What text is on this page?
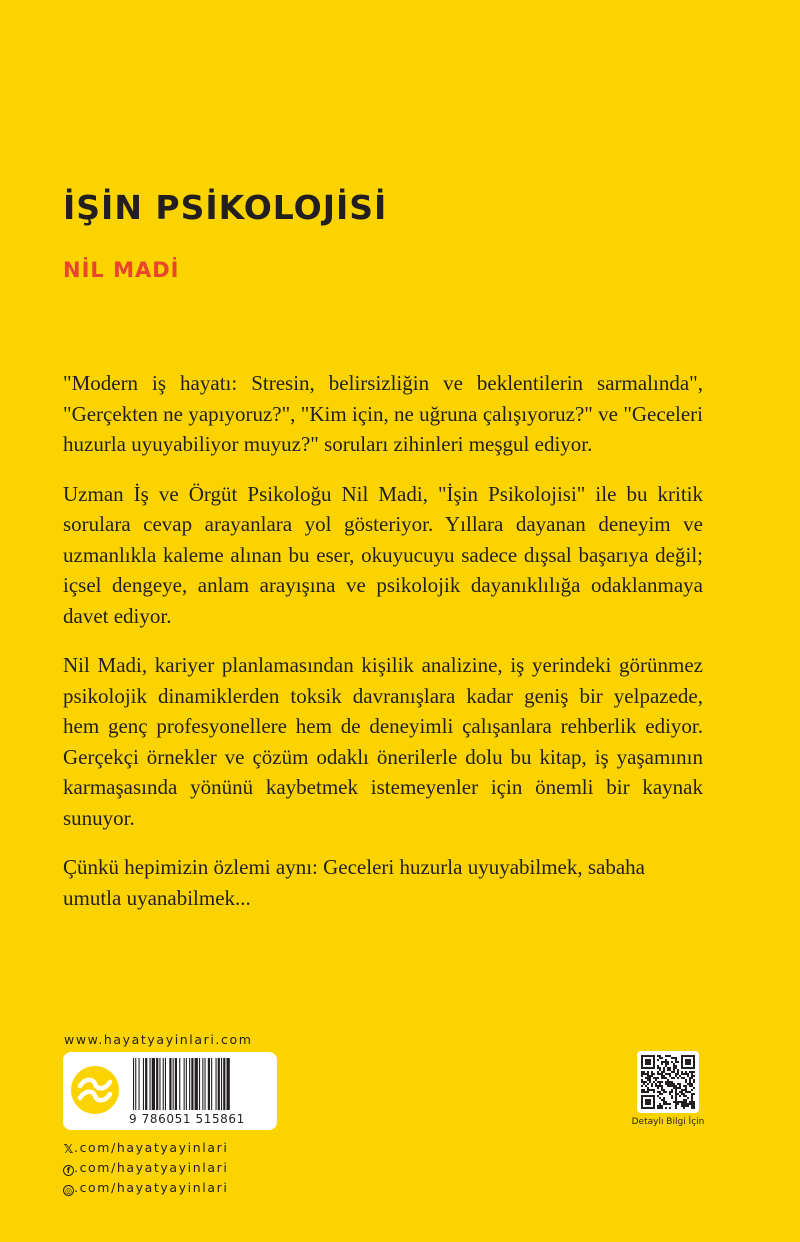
İŞİN PSİKOLOJİSİ
NİL MADİ

"Modern iş hayatı: Stresin, belirsizliğin ve beklentilerin sarmalında", "Gerçekten ne yapıyoruz?", "Kim için, ne uğruna çalışıyoruz?" ve "Geceleri huzurla uyuyabiliyor muyuz?" soruları zihinleri meşgul ediyor.

Uzman İş ve Örgüt Psikoloğu Nil Madi, "İşin Psikolojisi" ile bu kritik sorulara cevap arayanlara yol gösteriyor. Yıllara dayanan deneyim ve uzmanlıkla kaleme alınan bu eser, okuyucuyu sadece dışsal başarıya değil; içsel dengeye, anlam arayışına ve psikolojik dayanıklılığa odaklanmaya davet ediyor.

Nil Madi, kariyer planlamasından kişilik analizine, iş yerindeki görünmez psikolojik dinamiklerden toksik davranışlara kadar geniş bir yelpazede, hem genç profesyonellere hem de deneyimli çalışanlara rehberlik ediyor. Gerçekçi örnekler ve çözüm odaklı önerilerle dolu bu kitap, iş yaşamının karmaşasında yönünü kaybetmek istemeyenler için önemli bir kaynak sunuyor.

Çünkü hepimizin özlemi aynı: Geceleri huzurla uyuyabilmek, sabaha umutla uyanabilmek...

www.hayatyayinlari.com
9 786051 515861
𝕏.com/hayatyayinlari
f .com/hayatyayinlari
◎ .com/hayatyayinlari
Detaylı Bilgi İçin
